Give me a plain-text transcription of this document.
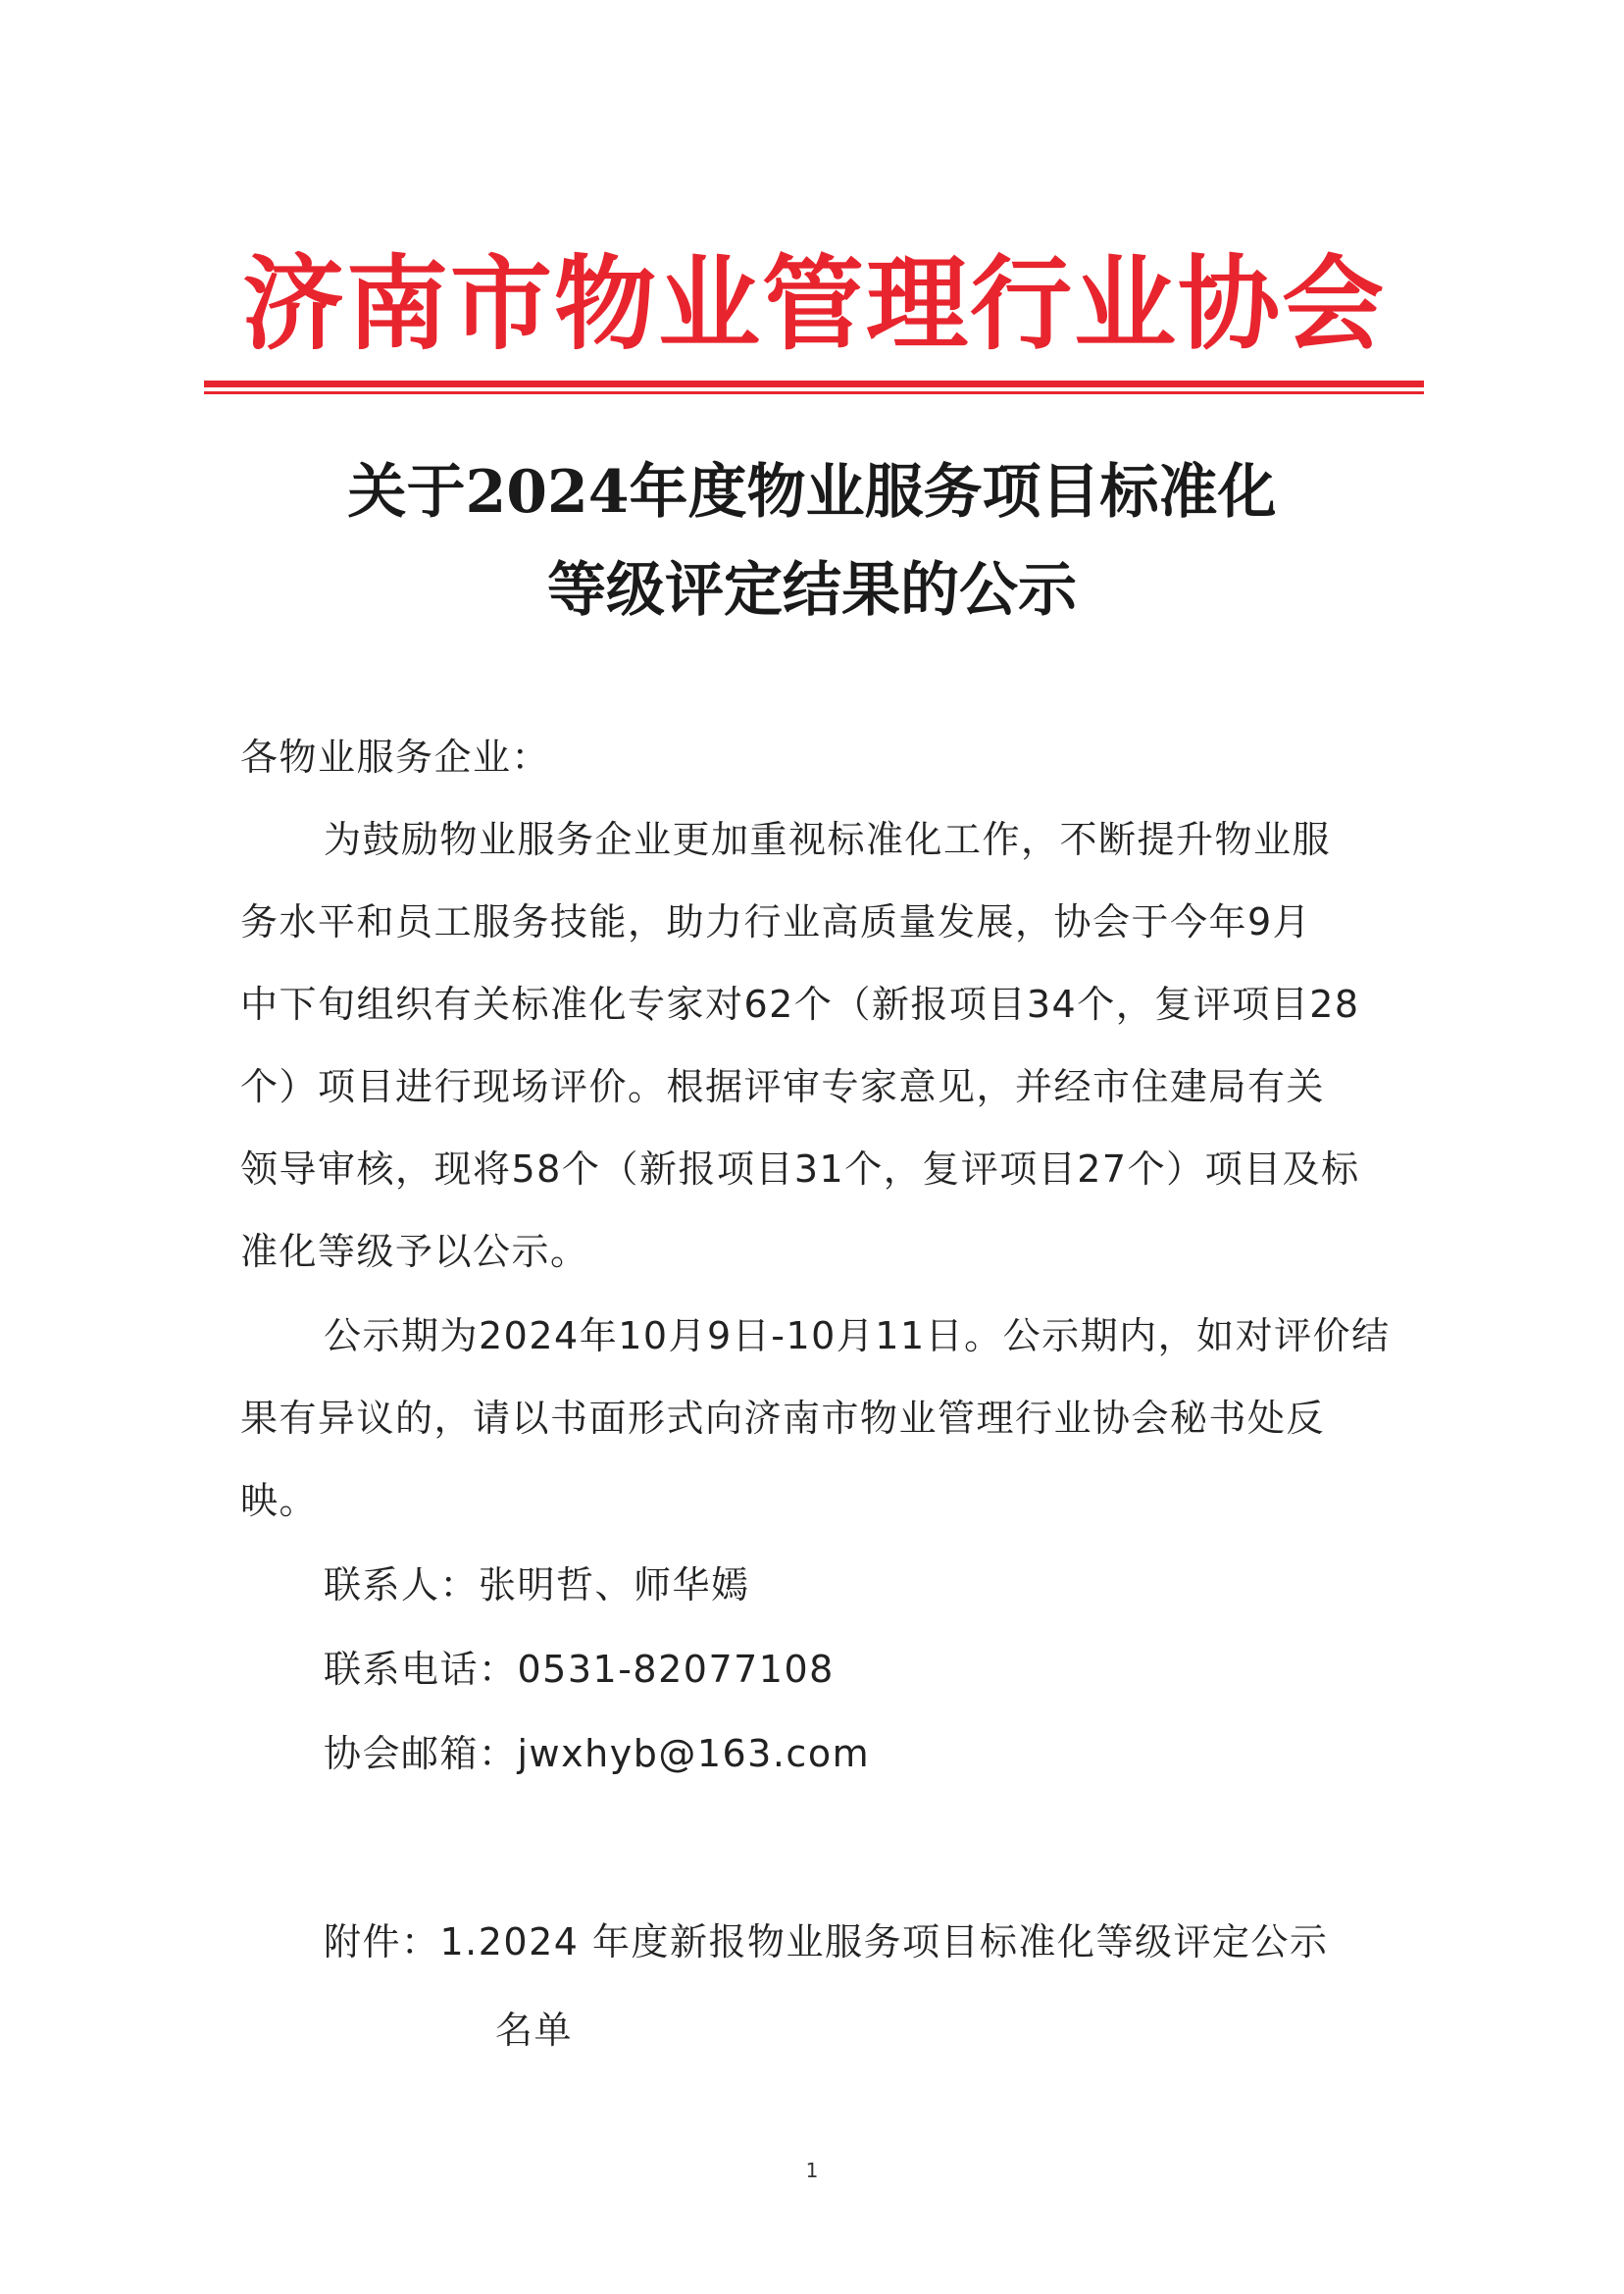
济南市物业管理行业协会
关于2024年度物业服务项目标准化
等级评定结果的公示
各物业服务企业：
为鼓励物业服务企业更加重视标准化工作，不断提升物业服
务水平和员工服务技能，助力行业高质量发展，协会于今年9月
中下旬组织有关标准化专家对62个（新报项目34个，复评项目28
个）项目进行现场评价。根据评审专家意见，并经市住建局有关
领导审核，现将58个（新报项目31个，复评项目27个）项目及标
准化等级予以公示。
公示期为2024年10月9日-10月11日。公示期内，如对评价结
果有异议的，请以书面形式向济南市物业管理行业协会秘书处反
映。
联系人：张明哲、师华嫣
联系电话：0531-82077108
协会邮箱：jwxhyb@163.com
附件：1.2024 年度新报物业服务项目标准化等级评定公示
名单
1
